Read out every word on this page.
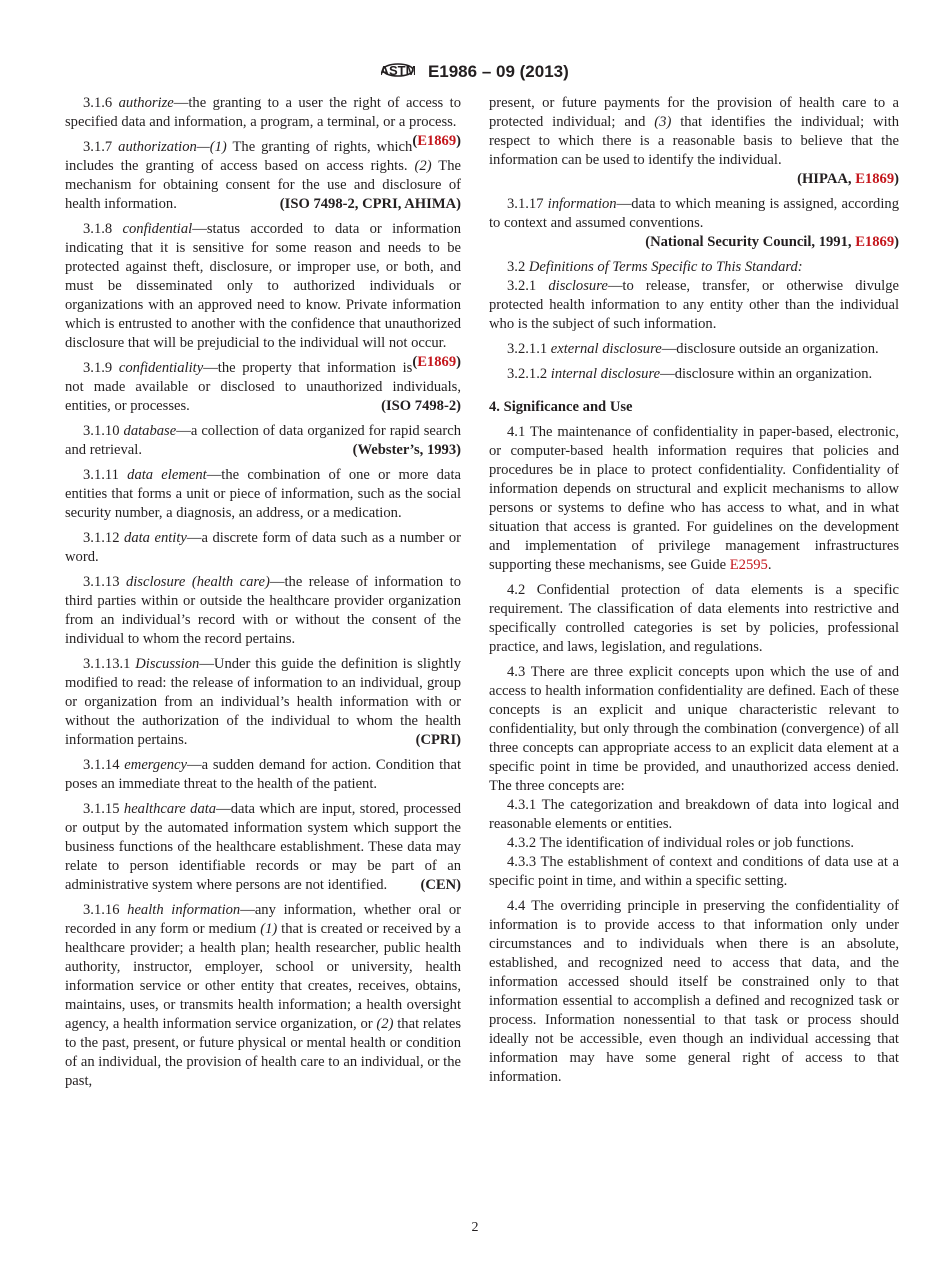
ASTM E1986 – 09 (2013)

3.1.6 authorize—the granting to a user the right of access to specified data and information, a program, a terminal, or a process.
(E1869)

3.1.7 authorization—(1) The granting of rights, which includes the granting of access based on access rights. (2) The mechanism for obtaining consent for the use and disclosure of health information.	(ISO 7498-2, CPRI, AHIMA)

3.1.8 confidential—status accorded to data or information indicating that it is sensitive for some reason and needs to be protected against theft, disclosure, or improper use, or both, and must be disseminated only to authorized individuals or organizations with an approved need to know. Private information which is entrusted to another with the confidence that unauthorized disclosure that will be prejudicial to the individual will not occur.
(E1869)

3.1.9 confidentiality—the property that information is not made available or disclosed to unauthorized individuals, entities, or processes.	(ISO 7498-2)

3.1.10 database—a collection of data organized for rapid search and retrieval.	(Webster’s, 1993)

3.1.11 data element—the combination of one or more data entities that forms a unit or piece of information, such as the social security number, a diagnosis, an address, or a medication.

3.1.12 data entity—a discrete form of data such as a number or word.

3.1.13 disclosure (health care)—the release of information to third parties within or outside the healthcare provider organization from an individual’s record with or without the consent of the individual to whom the record pertains.

3.1.13.1 Discussion—Under this guide the definition is slightly modified to read: the release of information to an individual, group or organization from an individual’s health information with or without the authorization of the individual to whom the health information pertains.	(CPRI)

3.1.14 emergency—a sudden demand for action. Condition that poses an immediate threat to the health of the patient.

3.1.15 healthcare data—data which are input, stored, processed or output by the automated information system which support the business functions of the healthcare establishment. These data may relate to person identifiable records or may be part of an administrative system where persons are not identified. (CEN)

3.1.16 health information—any information, whether oral or recorded in any form or medium (1) that is created or received by a healthcare provider; a health plan; health researcher, public health authority, instructor, employer, school or university, health information service or other entity that creates, receives, obtains, maintains, uses, or transmits health information; a health oversight agency, a health information service organization, or (2) that relates to the past, present, or future physical or mental health or condition of an individual, the provision of health care to an individual, or the past,

present, or future payments for the provision of health care to a protected individual; and (3) that identifies the individual; with respect to which there is a reasonable basis to believe that the information can be used to identify the individual.
(HIPAA, E1869)

3.1.17 information—data to which meaning is assigned, according to context and assumed conventions.
(National Security Council, 1991, E1869)

3.2 Definitions of Terms Specific to This Standard:

3.2.1 disclosure—to release, transfer, or otherwise divulge protected health information to any entity other than the individual who is the subject of such information.

3.2.1.1 external disclosure—disclosure outside an organization.

3.2.1.2 internal disclosure—disclosure within an organization.

4. Significance and Use

4.1 The maintenance of confidentiality in paper-based, electronic, or computer-based health information requires that policies and procedures be in place to protect confidentiality. Confidentiality of information depends on structural and explicit mechanisms to allow persons or systems to define who has access to what, and in what situation that access is granted. For guidelines on the development and implementation of privilege management infrastructures supporting these mechanisms, see Guide E2595.

4.2 Confidential protection of data elements is a specific requirement. The classification of data elements into restrictive and specifically controlled categories is set by policies, professional practice, and laws, legislation, and regulations.

4.3 There are three explicit concepts upon which the use of and access to health information confidentiality are defined. Each of these concepts is an explicit and unique characteristic relevant to confidentiality, but only through the combination (convergence) of all three concepts can appropriate access to an explicit data element at a specific point in time be provided, and unauthorized access denied. The three concepts are:

4.3.1 The categorization and breakdown of data into logical and reasonable elements or entities.

4.3.2 The identification of individual roles or job functions.

4.3.3 The establishment of context and conditions of data use at a specific point in time, and within a specific setting.

4.4 The overriding principle in preserving the confidentiality of information is to provide access to that information only under circumstances and to individuals when there is an absolute, established, and recognized need to access that data, and the information accessed should itself be constrained only to that information essential to accomplish a defined and recognized task or process. Information nonessential to that task or process should ideally not be accessible, even though an individual accessing that information may have some general right of access to that information.

2
